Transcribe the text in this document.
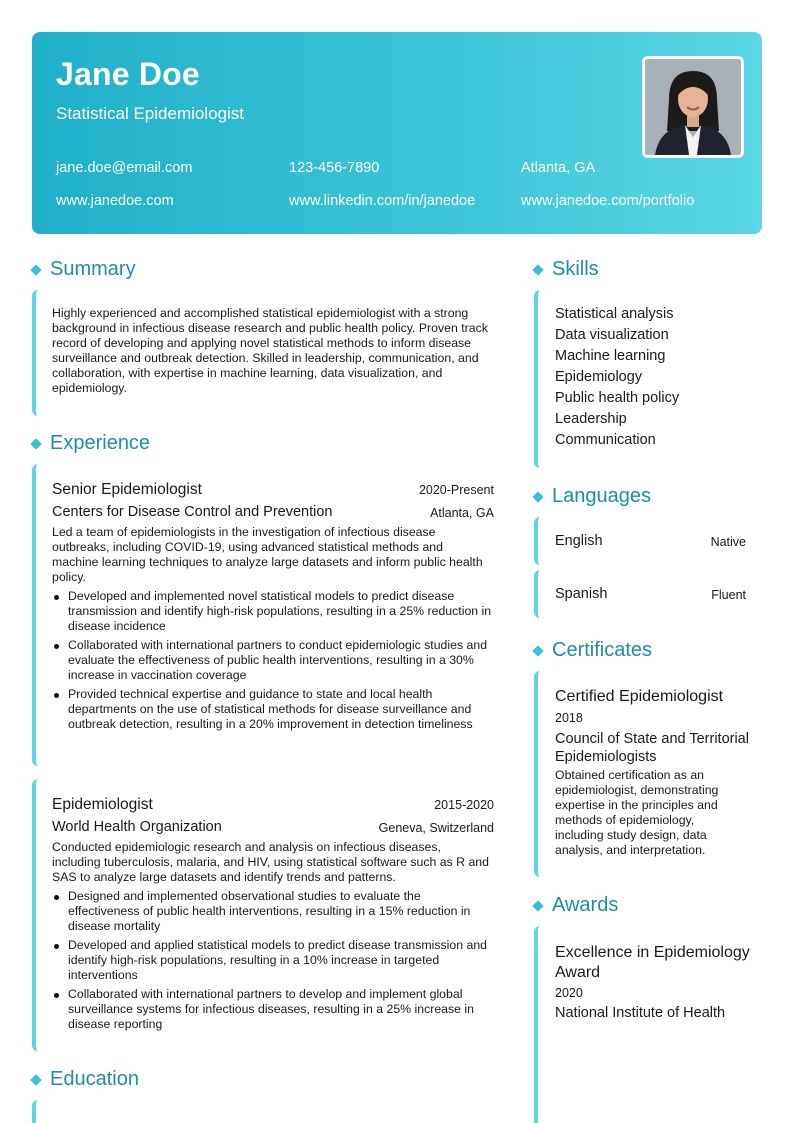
Jane Doe
Statistical Epidemiologist
jane.doe@email.com	123-456-7890	Atlanta, GA
www.janedoe.com	www.linkedin.com/in/janedoe	www.janedoe.com/portfolio
Summary
Highly experienced and accomplished statistical epidemiologist with a strong background in infectious disease research and public health policy. Proven track record of developing and applying novel statistical methods to inform disease surveillance and outbreak detection. Skilled in leadership, communication, and collaboration, with expertise in machine learning, data visualization, and epidemiology.
Experience
Senior Epidemiologist	2020-Present
Centers for Disease Control and Prevention	Atlanta, GA
Led a team of epidemiologists in the investigation of infectious disease outbreaks, including COVID-19, using advanced statistical methods and machine learning techniques to analyze large datasets and inform public health policy.
Developed and implemented novel statistical models to predict disease transmission and identify high-risk populations, resulting in a 25% reduction in disease incidence
Collaborated with international partners to conduct epidemiologic studies and evaluate the effectiveness of public health interventions, resulting in a 30% increase in vaccination coverage
Provided technical expertise and guidance to state and local health departments on the use of statistical methods for disease surveillance and outbreak detection, resulting in a 20% improvement in detection timeliness
Epidemiologist	2015-2020
World Health Organization	Geneva, Switzerland
Conducted epidemiologic research and analysis on infectious diseases, including tuberculosis, malaria, and HIV, using statistical software such as R and SAS to analyze large datasets and identify trends and patterns.
Designed and implemented observational studies to evaluate the effectiveness of public health interventions, resulting in a 15% reduction in disease mortality
Developed and applied statistical models to predict disease transmission and identify high-risk populations, resulting in a 10% increase in targeted interventions
Collaborated with international partners to develop and implement global surveillance systems for infectious diseases, resulting in a 25% increase in disease reporting
Education
Skills
Statistical analysis
Data visualization
Machine learning
Epidemiology
Public health policy
Leadership
Communication
Languages
English	Native
Spanish	Fluent
Certificates
Certified Epidemiologist
2018
Council of State and Territorial Epidemiologists
Obtained certification as an epidemiologist, demonstrating expertise in the principles and methods of epidemiology, including study design, data analysis, and interpretation.
Awards
Excellence in Epidemiology Award
2020
National Institute of Health
